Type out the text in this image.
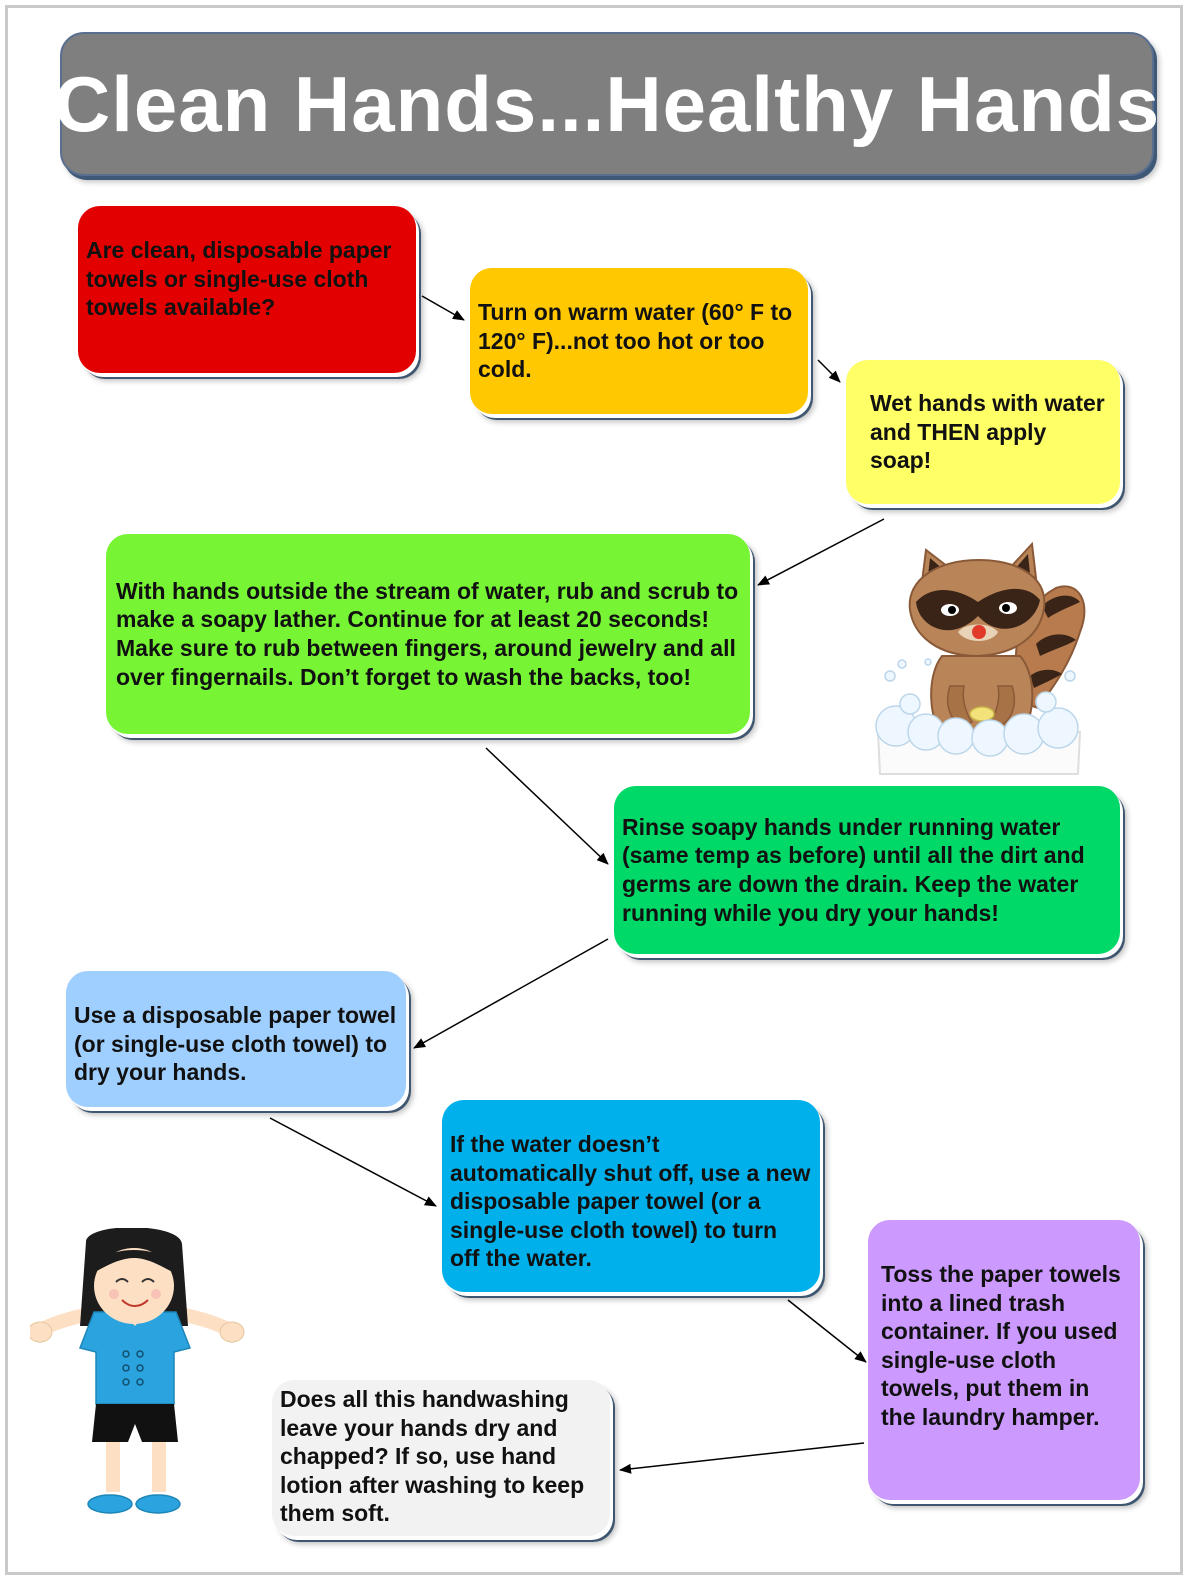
Clean Hands...Healthy Hands
Are clean, disposable paper towels or single-use cloth towels available?	Turn on warm water (60° F to 120° F)...not too hot or too cold.
Wet hands with water and THEN apply soap!
With hands outside the stream of water, rub and scrub to make a soapy lather. Continue for at least 20 seconds! Make sure to rub between fingers, around jewelry and all over fingernails. Don’t forget to wash the backs, too!
Rinse soapy hands under running water (same temp as before) until all the dirt and germs are down the drain. Keep the water running while you dry your hands!
Use a disposable paper towel (or single-use cloth towel) to dry your hands.
If the water doesn’t automatically shut off, use a new disposable paper towel (or a single-use cloth towel) to turn off the water.
Toss the paper towels into a lined trash container. If you used single-use cloth towels, put them in the laundry hamper.
Does all this handwashing leave your hands dry and chapped? If so, use hand lotion after washing to keep them soft.
